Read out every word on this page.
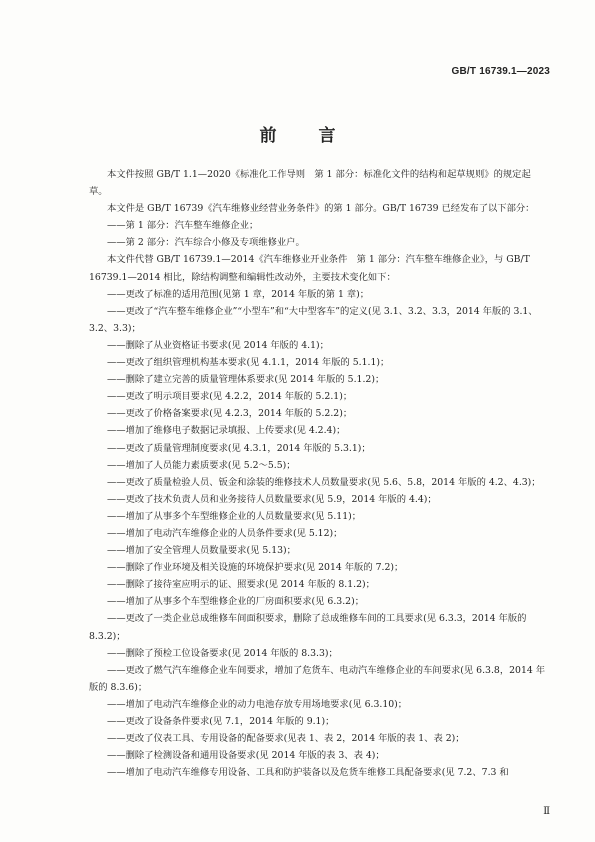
GB/T 16739.1—2023
前 言

本文件按照 GB/T 1.1—2020《标准化工作导则　第 1 部分：标准化文件的结构和起草规则》的规定起草。

本文件是 GB/T 16739《汽车维修业经营业务条件》的第 1 部分。GB/T 16739 已经发布了以下部分：

——第 1 部分：汽车整车维修企业；

——第 2 部分：汽车综合小修及专项维修业户。

本文件代替 GB/T 16739.1—2014《汽车维修业开业条件　第 1 部分：汽车整车维修企业》，与 GB/T 16739.1—2014 相比，除结构调整和编辑性改动外，主要技术变化如下：

——更改了标准的适用范围(见第 1 章，2014 年版的第 1 章)；

——更改了“汽车整车维修企业”“小型车”和“大中型客车”的定义(见 3.1、3.2、3.3，2014 年版的 3.1、3.2、3.3)；

——删除了从业资格证书要求(见 2014 年版的 4.1)；

——更改了组织管理机构基本要求(见 4.1.1，2014 年版的 5.1.1)；

——删除了建立完善的质量管理体系要求(见 2014 年版的 5.1.2)；

——更改了明示项目要求(见 4.2.2，2014 年版的 5.2.1)；

——更改了价格备案要求(见 4.2.3，2014 年版的 5.2.2)；

——增加了维修电子数据记录填报、上传要求(见 4.2.4)；

——更改了质量管理制度要求(见 4.3.1，2014 年版的 5.3.1)；

——增加了人员能力素质要求(见 5.2～5.5)；

——更改了质量检验人员、钣金和涂装的维修技术人员数量要求(见 5.6、5.8，2014 年版的 4.2、4.3)；

——更改了技术负责人员和业务接待人员数量要求(见 5.9，2014 年版的 4.4)；

——增加了从事多个车型维修企业的人员数量要求(见 5.11)；

——增加了电动汽车维修企业的人员条件要求(见 5.12)；

——增加了安全管理人员数量要求(见 5.13)；

——删除了作业环境及相关设施的环境保护要求(见 2014 年版的 7.2)；

——删除了接待室应明示的证、照要求(见 2014 年版的 8.1.2)；

——增加了从事多个车型维修企业的厂房面积要求(见 6.3.2)；

——更改了一类企业总成维修车间面积要求，删除了总成维修车间的工具要求(见 6.3.3，2014 年版的 8.3.2)；

——删除了预检工位设备要求(见 2014 年版的 8.3.3)；

——更改了燃气汽车维修企业车间要求，增加了危货车、电动汽车维修企业的车间要求(见 6.3.8，2014 年版的 8.3.6)；

——增加了电动汽车维修企业的动力电池存放专用场地要求(见 6.3.10)；

——更改了设备条件要求(见 7.1，2014 年版的 9.1)；

——更改了仪表工具、专用设备的配备要求(见表 1、表 2，2014 年版的表 1、表 2)；

——删除了检测设备和通用设备要求(见 2014 年版的表 3、表 4)；

——增加了电动汽车维修专用设备、工具和防护装备以及危货车维修工具配备要求(见 7.2、7.3 和

Ⅱ
